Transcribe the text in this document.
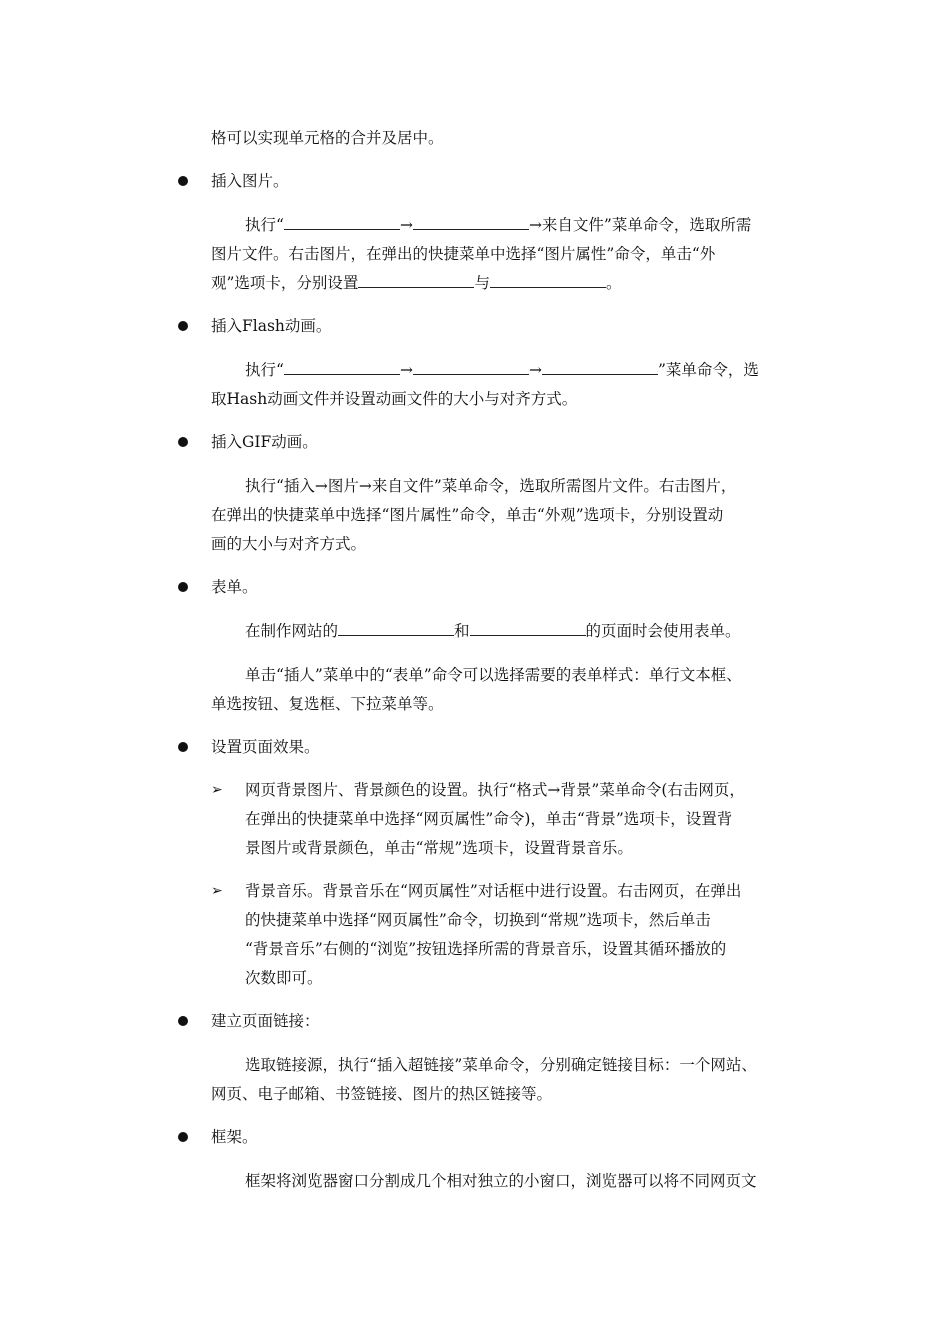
格可以实现单元格的合并及居中。
插入图片。
执行“	→	→来自文件”菜单命令，选取所需
图片文件。右击图片，在弹出的快捷菜单中选择“图片属性”命令，单击“外
观”选项卡，分别设置	与	。
插入Flash动画。
执行“	→	→	”菜单命令，选
取Hash动画文件并设置动画文件的大小与对齐方式。
插入GIF动画。
执行“插入→图片→来自文件”菜单命令，选取所需图片文件。右击图片，
在弹出的快捷菜单中选择“图片属性”命令，单击“外观”选项卡，分别设置动
画的大小与对齐方式。
表单。
在制作网站的	和	的页面时会使用表单。
单击“插人”菜单中的“表单”命令可以选择需要的表单样式：单行文本框、
单选按钮、复选框、下拉菜单等。
设置页面效果。
➢ 网页背景图片、背景颜色的设置。执行“格式→背景”菜单命令(右击网页，
在弹出的快捷菜单中选择“网页属性”命令)，单击“背景”选项卡，设置背
景图片或背景颜色，单击“常规”选项卡，设置背景音乐。
➢ 背景音乐。背景音乐在“网页属性”对话框中进行设置。右击网页，在弹出
的快捷菜单中选择“网页属性”命令，切换到“常规”选项卡，然后单击
“背景音乐”右侧的“浏览”按钮选择所需的背景音乐，设置其循环播放的
次数即可。
建立页面链接：
选取链接源，执行“插入超链接”菜单命令，分别确定链接目标：一个网站、
网页、电子邮箱、书签链接、图片的热区链接等。
框架。
框架将浏览器窗口分割成几个相对独立的小窗口，浏览器可以将不同网页文
